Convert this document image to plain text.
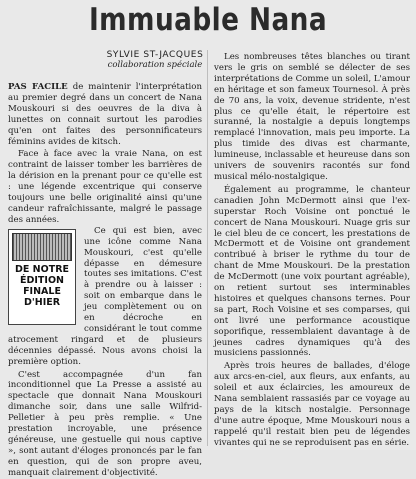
Immuable Nana
SYLVIE ST-JACQUES
collaboration spéciale

PAS FACILE de maintenir l'interprétation au premier degré dans un concert de Nana Mouskouri si des oeuvres de la diva à lunettes on connait surtout les parodies qu'en ont faites des personnificateurs féminins avides de kitsch.

Face à face avec la vraie Nana, on est contraint de laisser tomber les barrières de la dérision en la prenant pour ce qu'elle est : une légende excentrique qui conserve toujours une belle originalité ainsi qu'une candeur rafraîchissante, malgré le passage des années.

DE NOTRE ÉDITION FINALE D'HIER

Ce qui est bien, avec une icône comme Nana Mouskouri, c'est qu'elle dépasse en démesure toutes ses imitations. C'est à prendre ou à laisser : soit on embarque dans le jeu complètement ou on en décroche en considérant le tout comme atrocement ringard et de plusieurs décennies dépassé. Nous avons choisi la première option.

C'est accompagnée d'un fan inconditionnel que La Presse a assisté au spectacle que donnait Nana Mouskouri dimanche soir, dans une salle Wilfrid-Pelletier à peu près remplie. « Une prestation incroyable, une présence généreuse, une gestuelle qui nous captive », sont autant d'éloges prononcés par le fan en question, qui de son propre aveu, manquait clairement d'objectivité.

Les nombreuses têtes blanches ou tirant vers le gris on semblé se délecter de ses interprétations de Comme un soleil, L'amour en héritage et son fameux Tournesol. À près de 70 ans, la voix, devenue stridente, n'est plus ce qu'elle était, le répertoire est suranné, la nostalgie a depuis longtemps remplacé l'innovation, mais peu importe. La plus timide des divas est charmante, lumineuse, inclassable et heureuse dans son univers de souvenirs racontés sur fond musical mélo-nostalgique.

Également au programme, le chanteur canadien John McDermott ainsi que l'ex-superstar Roch Voisine ont ponctué le concert de Nana Mouskouri. Nuage gris sur le ciel bleu de ce concert, les prestations de McDermott et de Voisine ont grandement contribué à briser le rythme du tour de chant de Mme Mouskouri. De la prestation de McDermott (une voix pourtant agréable), on retient surtout ses interminables histoires et quelques chansons ternes. Pour sa part, Roch Voisine et ses comparses, qui ont livré une performance acoustique soporifique, ressemblaient davantage à de jeunes cadres dynamiques qu'à des musiciens passionnés.

Après trois heures de ballades, d'éloge aux arcs-en-ciel, aux fleurs, aux enfants, au soleil et aux éclaircies, les amoureux de Nana semblaient rassasiés par ce voyage au pays de la kitsch nostalgie. Personnage d'une autre époque, Mme Mouskouri nous a rappelé qu'il restait bien peu de légendes vivantes qui ne se reproduisent pas en série.
